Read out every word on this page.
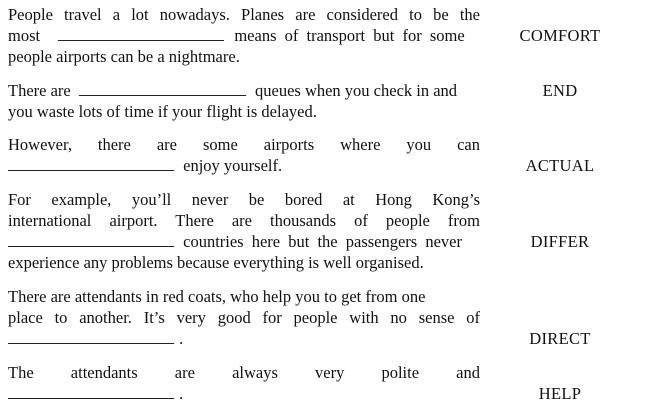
People travel a lot nowadays. Planes are considered to be the
most	means of transport but for some
people airports can be a nightmare.
COMFORT
There are	queues when you check in and
you waste lots of time if your flight is delayed.
END
However, there are some airports where you can
enjoy yourself.	ACTUAL
For example, you’ll never be bored at Hong Kong’s
international airport. There are thousands of people from
countries here but the passengers never
experience any problems because everything is well organised.
DIFFER
There are attendants in red coats, who help you to get from one
place to another. It’s very good for people with no sense of
.	DIRECT
The attendants are always very polite and
.	HELP
